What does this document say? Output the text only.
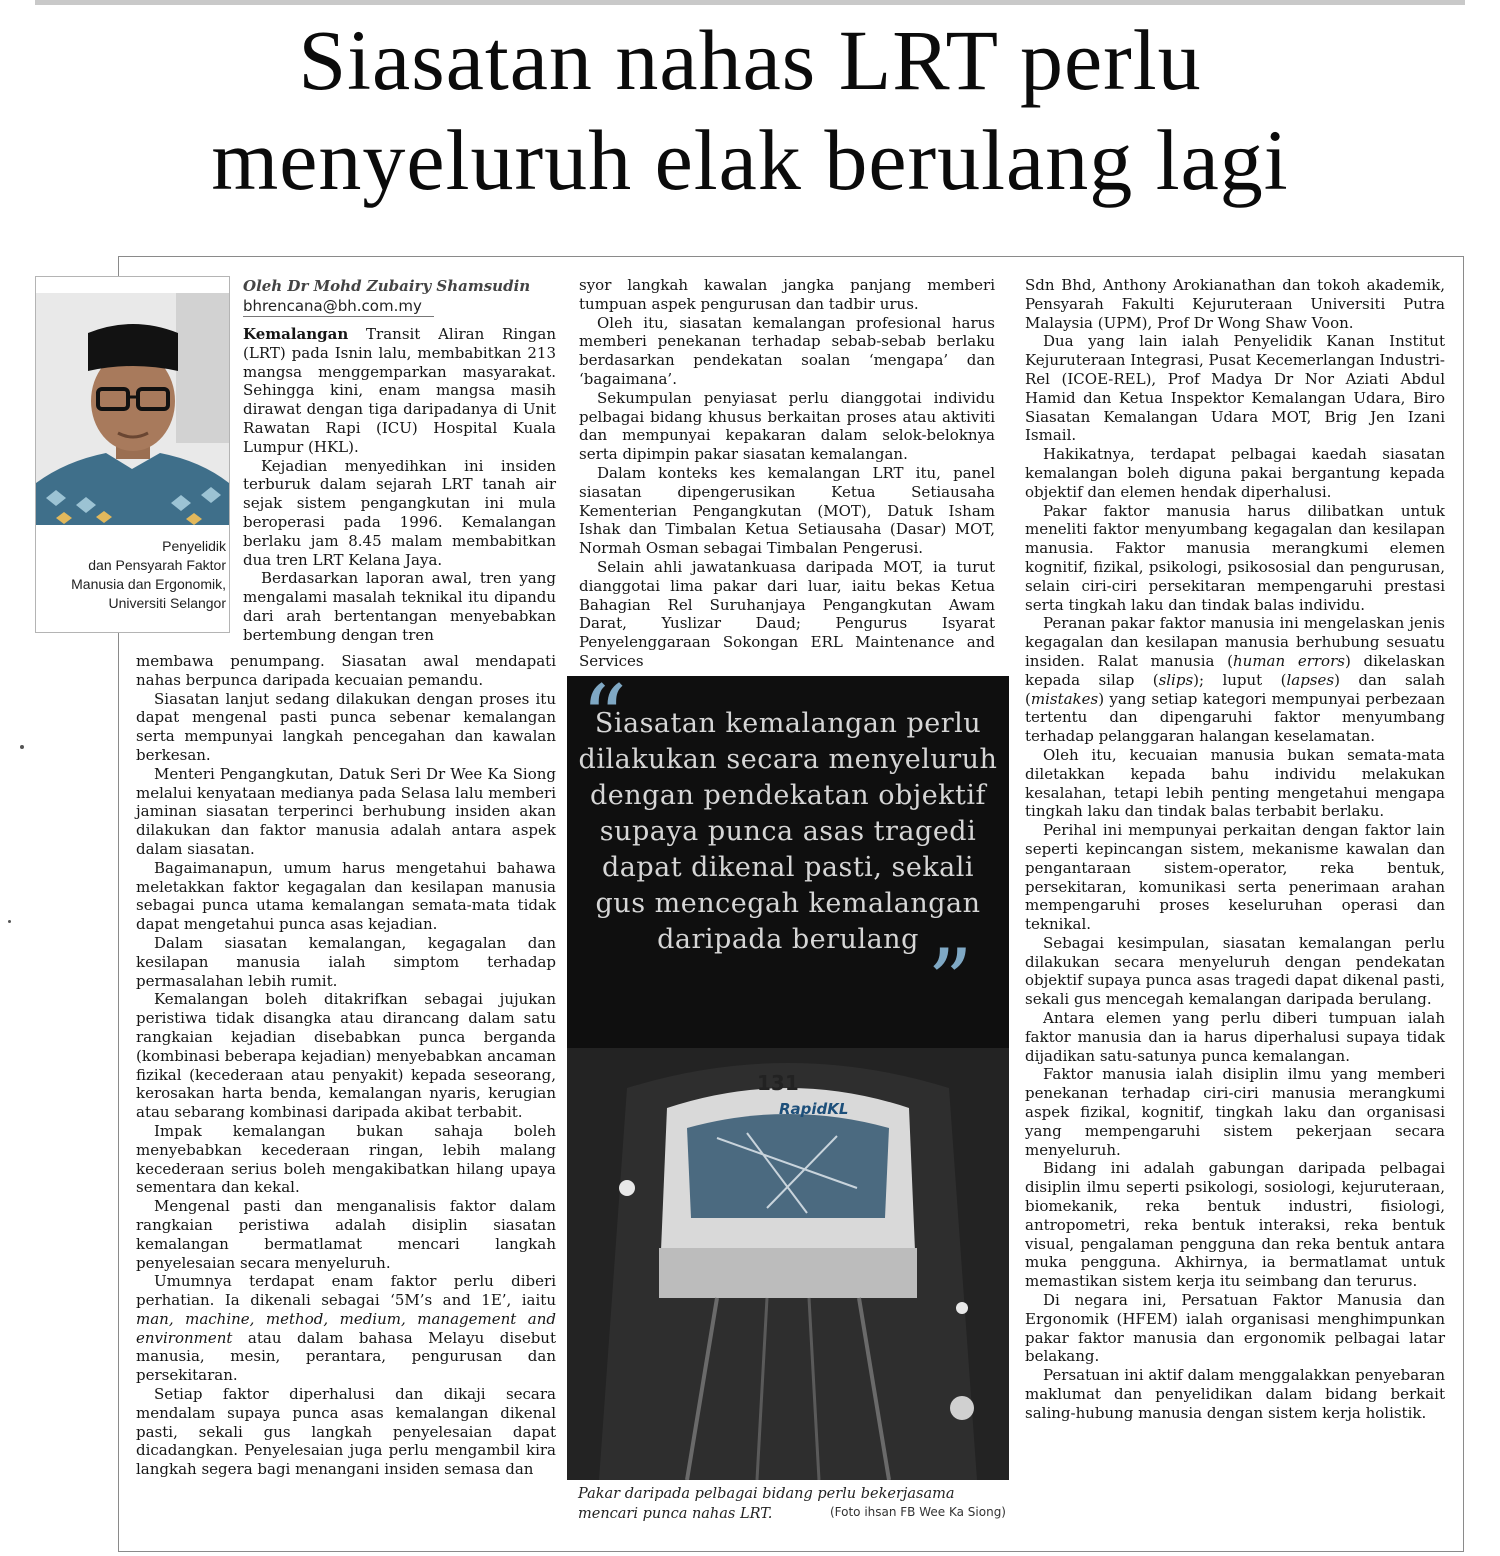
Siasatan nahas LRT perlu
menyeluruh elak berulang lagi
Penyelidik
dan Pensyarah Faktor
Manusia dan Ergonomik,
Universiti Selangor
Oleh Dr Mohd Zubairy Shamsudin
bhrencana@bh.com.my

Kemalangan Transit Aliran Ringan (LRT) pada Isnin lalu, membabitkan 213 mangsa menggemparkan masyarakat. Sehingga kini, enam mangsa masih dirawat dengan tiga daripadanya di Unit Rawatan Rapi (ICU) Hospital Kuala Lumpur (HKL).

Kejadian menyedihkan ini insiden terburuk dalam sejarah LRT tanah air sejak sistem pengangkutan ini mula beroperasi pada 1996. Kemalangan berlaku jam 8.45 malam membabitkan dua tren LRT Kelana Jaya.

Berdasarkan laporan awal, tren yang mengalami masalah teknikal itu dipandu dari arah bertentangan menyebabkan bertembung dengan tren

membawa penumpang. Siasatan awal mendapati nahas berpunca daripada kecuaian pemandu.

Siasatan lanjut sedang dilakukan dengan proses itu dapat mengenal pasti punca sebenar kemalangan serta mempunyai langkah pencegahan dan kawalan berkesan.

Menteri Pengangkutan, Datuk Seri Dr Wee Ka Siong melalui kenyataan medianya pada Selasa lalu memberi jaminan siasatan terperinci berhubung insiden akan dilakukan dan faktor manusia adalah antara aspek dalam siasatan.

Bagaimanapun, umum harus mengetahui bahawa meletakkan faktor kegagalan dan kesilapan manusia sebagai punca utama kemalangan semata-mata tidak dapat mengetahui punca asas kejadian.

Dalam siasatan kemalangan, kegagalan dan kesilapan manusia ialah simptom terhadap permasalahan lebih rumit.

Kemalangan boleh ditakrifkan sebagai jujukan peristiwa tidak disangka atau dirancang dalam satu rangkaian kejadian disebabkan punca berganda (kombinasi beberapa kejadian) menyebabkan ancaman fizikal (kecederaan atau penyakit) kepada seseorang, kerosakan harta benda, kemalangan nyaris, kerugian atau sebarang kombinasi daripada akibat terbabit.

Impak kemalangan bukan sahaja boleh menyebabkan kecederaan ringan, lebih malang kecederaan serius boleh mengakibatkan hilang upaya sementara dan kekal.

Mengenal pasti dan menganalisis faktor dalam rangkaian peristiwa adalah disiplin siasatan kemalangan bermatlamat mencari langkah penyelesaian secara menyeluruh.

Umumnya terdapat enam faktor perlu diberi perhatian. Ia dikenali sebagai ‘5M’s and 1E’, iaitu man, machine, method, medium, management and environment atau dalam bahasa Melayu disebut manusia, mesin, perantara, pengurusan dan persekitaran.

Setiap faktor diperhalusi dan dikaji secara mendalam supaya punca asas kemalangan dikenal pasti, sekali gus langkah penyelesaian dapat dicadangkan. Penyelesaian juga perlu mengambil kira langkah segera bagi menangani insiden semasa dan

syor langkah kawalan jangka panjang memberi tumpuan aspek pengurusan dan tadbir urus.

Oleh itu, siasatan kemalangan profesional harus memberi penekanan terhadap sebab-sebab berlaku berdasarkan pendekatan soalan ‘mengapa’ dan ‘bagaimana’.

Sekumpulan penyiasat perlu dianggotai individu pelbagai bidang khusus berkaitan proses atau aktiviti dan mempunyai kepakaran dalam selok-beloknya serta dipimpin pakar siasatan kemalangan.

Dalam konteks kes kemalangan LRT itu, panel siasatan dipengerusikan Ketua Setiausaha Kementerian Pengangkutan (MOT), Datuk Isham Ishak dan Timbalan Ketua Setiausaha (Dasar) MOT, Normah Osman sebagai Timbalan Pengerusi.

Selain ahli jawatankuasa daripada MOT, ia turut dianggotai lima pakar dari luar, iaitu bekas Ketua Bahagian Rel Suruhanjaya Pengangkutan Awam Darat, Yuslizar Daud; Pengurus Isyarat Penyelenggaraan Sokongan ERL Maintenance and Services

“
Siasatan kemalangan perlu dilakukan secara menyeluruh dengan pendekatan objektif supaya punca asas tragedi dapat dikenal pasti, sekali gus mencegah kemalangan daripada berulang ”
131
RapidKL
Pakar daripada pelbagai bidang perlu bekerjasama
mencari punca nahas LRT.	(Foto ihsan FB Wee Ka Siong)

Sdn Bhd, Anthony Arokianathan dan tokoh akademik, Pensyarah Fakulti Kejuruteraan Universiti Putra Malaysia (UPM), Prof Dr Wong Shaw Voon.

Dua yang lain ialah Penyelidik Kanan Institut Kejuruteraan Integrasi, Pusat Kecemerlangan Industri-Rel (ICOE-REL), Prof Madya Dr Nor Aziati Abdul Hamid dan Ketua Inspektor Kemalangan Udara, Biro Siasatan Kemalangan Udara MOT, Brig Jen Izani Ismail.

Hakikatnya, terdapat pelbagai kaedah siasatan kemalangan boleh diguna pakai bergantung kepada objektif dan elemen hendak diperhalusi.

Pakar faktor manusia harus dilibatkan untuk meneliti faktor menyumbang kegagalan dan kesilapan manusia. Faktor manusia merangkumi elemen kognitif, fizikal, psikologi, psikososial dan pengurusan, selain ciri-ciri persekitaran mempengaruhi prestasi serta tingkah laku dan tindak balas individu.

Peranan pakar faktor manusia ini mengelaskan jenis kegagalan dan kesilapan manusia berhubung sesuatu insiden. Ralat manusia (human errors) dikelaskan kepada silap (slips); luput (lapses) dan salah (mistakes) yang setiap kategori mempunyai perbezaan tertentu dan dipengaruhi faktor menyumbang terhadap pelanggaran halangan keselamatan.

Oleh itu, kecuaian manusia bukan semata-mata diletakkan kepada bahu individu melakukan kesalahan, tetapi lebih penting mengetahui mengapa tingkah laku dan tindak balas terbabit berlaku.

Perihal ini mempunyai perkaitan dengan faktor lain seperti kepincangan sistem, mekanisme kawalan dan pengantaraan sistem-operator, reka bentuk, persekitaran, komunikasi serta penerimaan arahan mempengaruhi proses keseluruhan operasi dan teknikal.

Sebagai kesimpulan, siasatan kemalangan perlu dilakukan secara menyeluruh dengan pendekatan objektif supaya punca asas tragedi dapat dikenal pasti, sekali gus mencegah kemalangan daripada berulang.

Antara elemen yang perlu diberi tumpuan ialah faktor manusia dan ia harus diperhalusi supaya tidak dijadikan satu-satunya punca kemalangan.

Faktor manusia ialah disiplin ilmu yang memberi penekanan terhadap ciri-ciri manusia merangkumi aspek fizikal, kognitif, tingkah laku dan organisasi yang mempengaruhi sistem pekerjaan secara menyeluruh.

Bidang ini adalah gabungan daripada pelbagai disiplin ilmu seperti psikologi, sosiologi, kejuruteraan, biomekanik, reka bentuk industri, fisiologi, antropometri, reka bentuk interaksi, reka bentuk visual, pengalaman pengguna dan reka bentuk antara muka pengguna. Akhirnya, ia bermatlamat untuk memastikan sistem kerja itu seimbang dan terurus.

Di negara ini, Persatuan Faktor Manusia dan Ergonomik (HFEM) ialah organisasi menghimpunkan pakar faktor manusia dan ergonomik pelbagai latar belakang.

Persatuan ini aktif dalam menggalakkan penyebaran maklumat dan penyelidikan dalam bidang berkait saling-hubung manusia dengan sistem kerja holistik.
